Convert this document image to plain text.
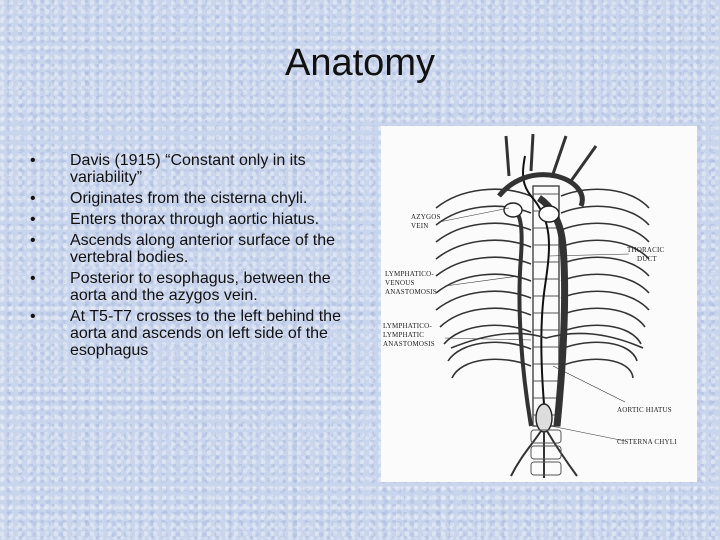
Anatomy
• Davis (1915) “Constant only in its variability”
• Originates from the cisterna chyli.
• Enters thorax through aortic hiatus.
• Ascends along anterior surface of the vertebral bodies.
• Posterior to esophagus, between the aorta and the azygos vein.
• At T5-T7 crosses to the left behind the aorta and ascends on left side of the esophagus
AZYGOS
VEIN
THORACIC
DUCT
LYMPHATICO-
VENOUS
ANASTOMOSIS
LYMPHATICO-
LYMPHATIC
ANASTOMOSIS
AORTIC HIATUS
CISTERNA CHYLI
